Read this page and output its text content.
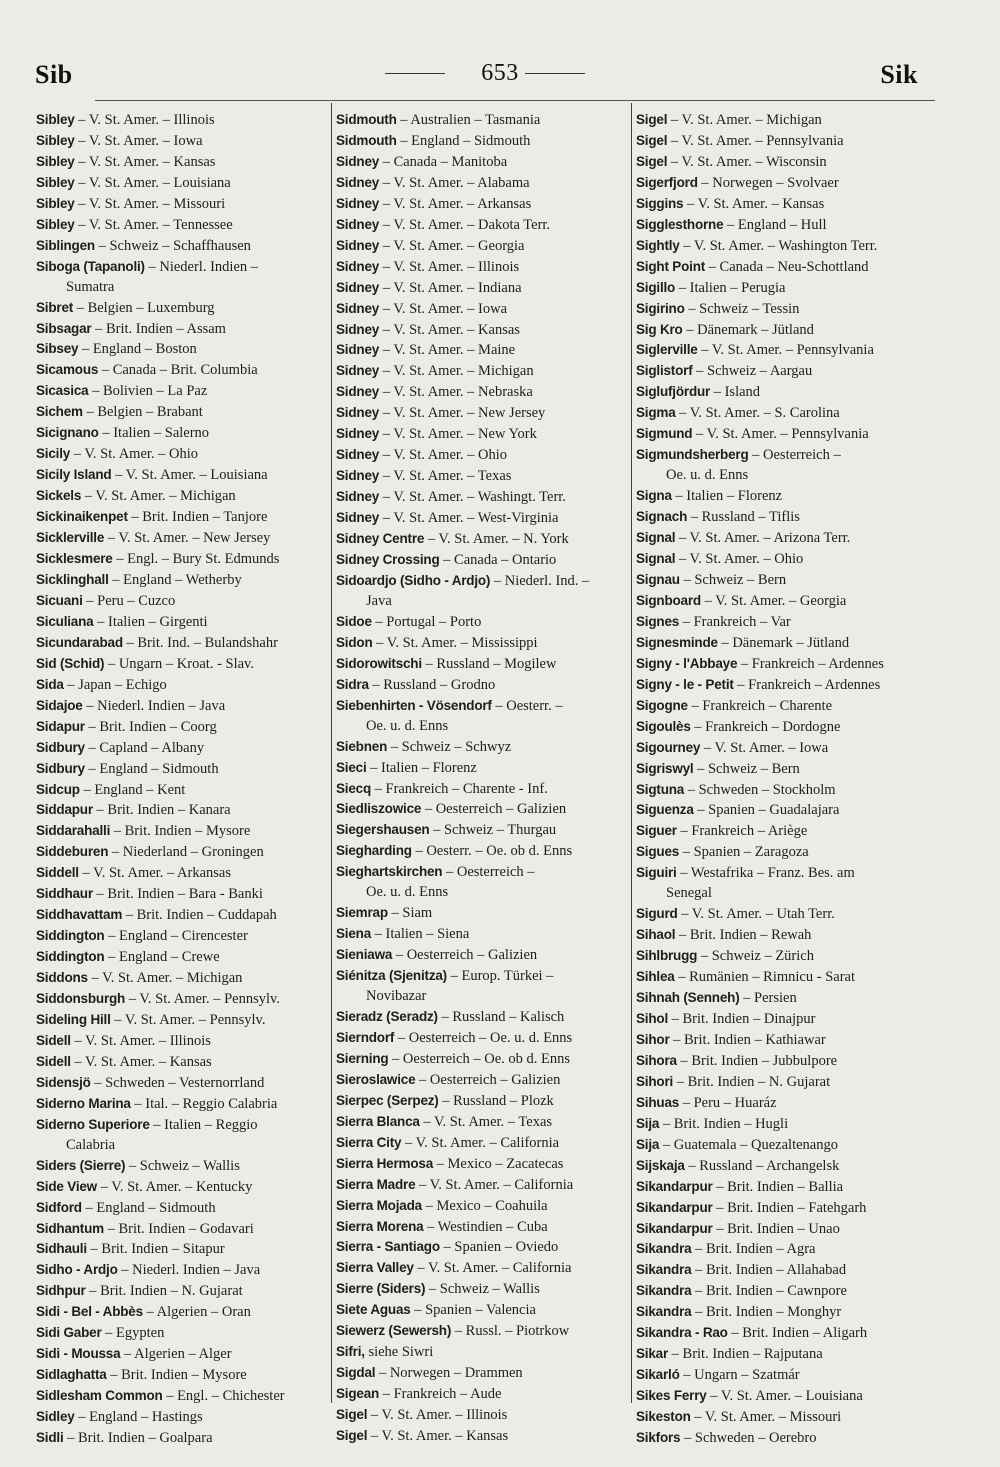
Sib	653	Sik
Sibley – V. St. Amer. – Illinois
Sibley – V. St. Amer. – Iowa
Sibley – V. St. Amer. – Kansas
Sibley – V. St. Amer. – Louisiana
Sibley – V. St. Amer. – Missouri
Sibley – V. St. Amer. – Tennessee
Siblingen – Schweiz – Schaffhausen
Siboga (Tapanoli) – Niederl. Indien –
Sumatra
Sibret – Belgien – Luxemburg
Sibsagar – Brit. Indien – Assam
Sibsey – England – Boston
Sicamous – Canada – Brit. Columbia
Sicasica – Bolivien – La Paz
Sichem – Belgien – Brabant
Sicignano – Italien – Salerno
Sicily – V. St. Amer. – Ohio
Sicily Island – V. St. Amer. – Louisiana
Sickels – V. St. Amer. – Michigan
Sickinaikenpet – Brit. Indien – Tanjore
Sicklerville – V. St. Amer. – New Jersey
Sicklesmere – Engl. – Bury St. Edmunds
Sicklinghall – England – Wetherby
Sicuani – Peru – Cuzco
Siculiana – Italien – Girgenti
Sicundarabad – Brit. Ind. – Bulandshahr
Sid (Schid) – Ungarn – Kroat. - Slav.
Sida – Japan – Echigo
Sidajoe – Niederl. Indien – Java
Sidapur – Brit. Indien – Coorg
Sidbury – Capland – Albany
Sidbury – England – Sidmouth
Sidcup – England – Kent
Siddapur – Brit. Indien – Kanara
Siddarahalli – Brit. Indien – Mysore
Siddeburen – Niederland – Groningen
Siddell – V. St. Amer. – Arkansas
Siddhaur – Brit. Indien – Bara - Banki
Siddhavattam – Brit. Indien – Cuddapah
Siddington – England – Cirencester
Siddington – England – Crewe
Siddons – V. St. Amer. – Michigan
Siddonsburgh – V. St. Amer. – Pennsylv.
Sideling Hill – V. St. Amer. – Pennsylv.
Sidell – V. St. Amer. – Illinois
Sidell – V. St. Amer. – Kansas
Sidensjö – Schweden – Vesternorrland
Siderno Marina – Ital. – Reggio Calabria
Siderno Superiore – Italien – Reggio
Calabria
Siders (Sierre) – Schweiz – Wallis
Side View – V. St. Amer. – Kentucky
Sidford – England – Sidmouth
Sidhantum – Brit. Indien – Godavari
Sidhauli – Brit. Indien – Sitapur
Sidho - Ardjo – Niederl. Indien – Java
Sidhpur – Brit. Indien – N. Gujarat
Sidi - Bel - Abbès – Algerien – Oran
Sidi Gaber – Egypten
Sidi - Moussa – Algerien – Alger
Sidlaghatta – Brit. Indien – Mysore
Sidlesham Common – Engl. – Chichester
Sidley – England – Hastings
Sidli – Brit. Indien – Goalpara
Sidmouth – Australien – Tasmania
Sidmouth – England – Sidmouth
Sidney – Canada – Manitoba
Sidney – V. St. Amer. – Alabama
Sidney – V. St. Amer. – Arkansas
Sidney – V. St. Amer. – Dakota Terr.
Sidney – V. St. Amer. – Georgia
Sidney – V. St. Amer. – Illinois
Sidney – V. St. Amer. – Indiana
Sidney – V. St. Amer. – Iowa
Sidney – V. St. Amer. – Kansas
Sidney – V. St. Amer. – Maine
Sidney – V. St. Amer. – Michigan
Sidney – V. St. Amer. – Nebraska
Sidney – V. St. Amer. – New Jersey
Sidney – V. St. Amer. – New York
Sidney – V. St. Amer. – Ohio
Sidney – V. St. Amer. – Texas
Sidney – V. St. Amer. – Washingt. Terr.
Sidney – V. St. Amer. – West-Virginia
Sidney Centre – V. St. Amer. – N. York
Sidney Crossing – Canada – Ontario
Sidoardjo (Sidho - Ardjo) – Niederl. Ind. –
Java
Sidoe – Portugal – Porto
Sidon – V. St. Amer. – Mississippi
Sidorowitschi – Russland – Mogilew
Sidra – Russland – Grodno
Siebenhirten - Vösendorf – Oesterr. –
Oe. u. d. Enns
Siebnen – Schweiz – Schwyz
Sieci – Italien – Florenz
Siecq – Frankreich – Charente - Inf.
Siedliszowice – Oesterreich – Galizien
Siegershausen – Schweiz – Thurgau
Siegharding – Oesterr. – Oe. ob d. Enns
Sieghartskirchen – Oesterreich –
Oe. u. d. Enns
Siemrap – Siam
Siena – Italien – Siena
Sieniawa – Oesterreich – Galizien
Siénitza (Sjenitza) – Europ. Türkei –
Novibazar
Sieradz (Seradz) – Russland – Kalisch
Sierndorf – Oesterreich – Oe. u. d. Enns
Sierning – Oesterreich – Oe. ob d. Enns
Sieroslawice – Oesterreich – Galizien
Sierpec (Serpez) – Russland – Plozk
Sierra Blanca – V. St. Amer. – Texas
Sierra City – V. St. Amer. – California
Sierra Hermosa – Mexico – Zacatecas
Sierra Madre – V. St. Amer. – California
Sierra Mojada – Mexico – Coahuila
Sierra Morena – Westindien – Cuba
Sierra - Santiago – Spanien – Oviedo
Sierra Valley – V. St. Amer. – California
Sierre (Siders) – Schweiz – Wallis
Siete Aguas – Spanien – Valencia
Siewerz (Sewersh) – Russl. – Piotrkow
Sifri, siehe Siwri
Sigdal – Norwegen – Drammen
Sigean – Frankreich – Aude
Sigel – V. St. Amer. – Illinois
Sigel – V. St. Amer. – Kansas
Sigel – V. St. Amer. – Michigan
Sigel – V. St. Amer. – Pennsylvania
Sigel – V. St. Amer. – Wisconsin
Sigerfjord – Norwegen – Svolvaer
Siggins – V. St. Amer. – Kansas
Sigglesthorne – England – Hull
Sightly – V. St. Amer. – Washington Terr.
Sight Point – Canada – Neu-Schottland
Sigillo – Italien – Perugia
Sigirino – Schweiz – Tessin
Sig Kro – Dänemark – Jütland
Siglerville – V. St. Amer. – Pennsylvania
Siglistorf – Schweiz – Aargau
Siglufjördur – Island
Sigma – V. St. Amer. – S. Carolina
Sigmund – V. St. Amer. – Pennsylvania
Sigmundsherberg – Oesterreich –
Oe. u. d. Enns
Signa – Italien – Florenz
Signach – Russland – Tiflis
Signal – V. St. Amer. – Arizona Terr.
Signal – V. St. Amer. – Ohio
Signau – Schweiz – Bern
Signboard – V. St. Amer. – Georgia
Signes – Frankreich – Var
Signesminde – Dänemark – Jütland
Signy - l'Abbaye – Frankreich – Ardennes
Signy - le - Petit – Frankreich – Ardennes
Sigogne – Frankreich – Charente
Sigoulès – Frankreich – Dordogne
Sigourney – V. St. Amer. – Iowa
Sigriswyl – Schweiz – Bern
Sigtuna – Schweden – Stockholm
Siguenza – Spanien – Guadalajara
Siguer – Frankreich – Ariège
Sigues – Spanien – Zaragoza
Siguiri – Westafrika – Franz. Bes. am
Senegal
Sigurd – V. St. Amer. – Utah Terr.
Sihaol – Brit. Indien – Rewah
Sihlbrugg – Schweiz – Zürich
Sihlea – Rumänien – Rimnicu - Sarat
Sihnah (Senneh) – Persien
Sihol – Brit. Indien – Dinajpur
Sihor – Brit. Indien – Kathiawar
Sihora – Brit. Indien – Jubbulpore
Sihori – Brit. Indien – N. Gujarat
Sihuas – Peru – Huaráz
Sija – Brit. Indien – Hugli
Sija – Guatemala – Quezaltenango
Sijskaja – Russland – Archangelsk
Sikandarpur – Brit. Indien – Ballia
Sikandarpur – Brit. Indien – Fatehgarh
Sikandarpur – Brit. Indien – Unao
Sikandra – Brit. Indien – Agra
Sikandra – Brit. Indien – Allahabad
Sikandra – Brit. Indien – Cawnpore
Sikandra – Brit. Indien – Monghyr
Sikandra - Rao – Brit. Indien – Aligarh
Sikar – Brit. Indien – Rajputana
Sikarló – Ungarn – Szatmár
Sikes Ferry – V. St. Amer. – Louisiana
Sikeston – V. St. Amer. – Missouri
Sikfors – Schweden – Oerebro
